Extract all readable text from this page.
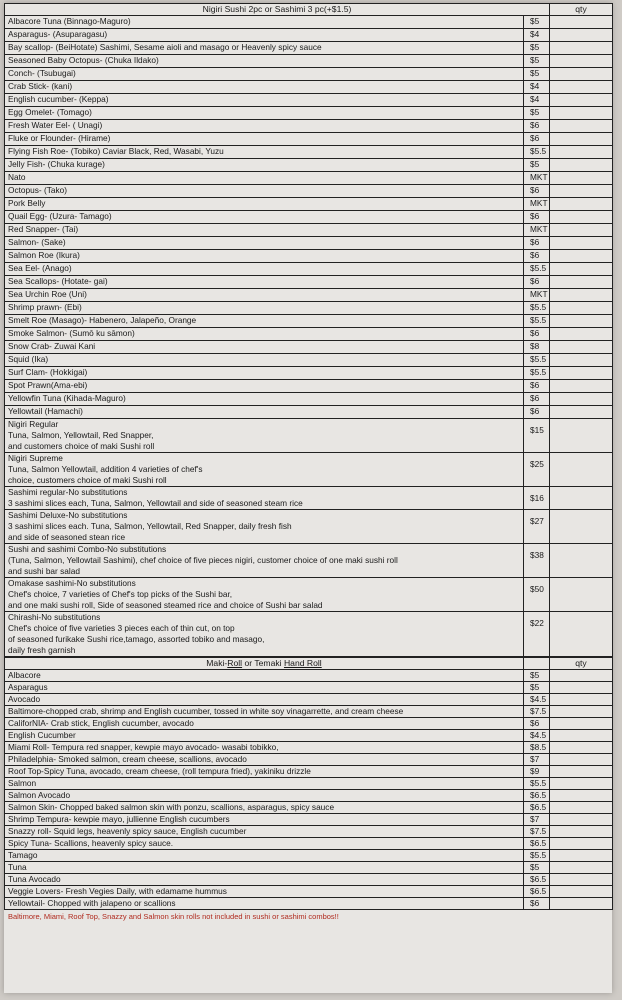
Nigiri Sushi 2pc or Sashimi 3 pc(+$1.5)		qty
Albacore Tuna (Binnago-Maguro)	$5	
Asparagus- (Asuparagasu)	$4	
Bay scallop- (BeiHotate) Sashimi, Sesame aioli and masago or Heavenly spicy sauce	$5	
Seasoned Baby Octopus- (Chuka Ildako)	$5	
Conch- (Tsubugai)	$5	
Crab Stick- (kani)	$4	
English cucumber- (Keppa)	$4	
Egg Omelet- (Tomago)	$5	
Fresh Water Eel- ( Unagi)	$6	
Fluke or Flounder- (Hirame)	$6	
Flying Fish Roe- (Tobiko) Caviar Black, Red, Wasabi, Yuzu	$5.5	
Jelly Fish- (Chuka kurage)	$5	
Nato	MKT	
Octopus- (Tako)	$6	
Pork Belly	MKT	
Quail Egg- (Uzura- Tamago)	$6	
Red Snapper- (Tai)	MKT	
Salmon- (Sake)	$6	
Salmon Roe (Ikura)	$6	
Sea Eel- (Anago)	$5.5	
Sea Scallops- (Hotate- gai)	$6	
Sea Urchin Roe (Uni)	MKT	
Shrimp prawn- (Ebi)	$5.5	
Smelt Roe (Masago)- Habenero, Jalapeño, Orange	$5.5	
Smoke Salmon- (Sumō ku sāmon)	$6	
Snow Crab- Zuwai Kani	$8	
Squid (Ika)	$5.5	
Surf Clam- (Hokkigai)	$5.5	
Spot Prawn(Ama-ebi)	$6	
Yellowfin Tuna (Kihada-Maguro)	$6	
Yellowtail (Hamachi)	$6	

Nigiri Regular
Tuna, Salmon, Yellowtail, Red Snapper,
and customers choice of maki Sushi roll	$15	

Nigiri Supreme
Tuna, Salmon Yellowtail, addition 4 varieties of chef's
choice, customers choice of maki Sushi roll	$25	

Sashimi regular-No substitutions
3 sashimi slices each, Tuna, Salmon, Yellowtail and side of seasoned steam rice	$16	

Sashimi Deluxe-No substitutions
3 sashimi slices each. Tuna, Salmon, Yellowtail, Red Snapper, daily fresh fish
and side of seasoned stean rice	$27	

Sushi and sashimi Combo-No substitutions
(Tuna, Salmon, Yellowtail Sashimi), chef choice of five pieces nigiri, customer choice of one maki sushi roll
and sushi bar salad	$38	

Omakase sashimi-No substitutions
Chef's choice, 7 varieties of Chef's top picks of the Sushi bar,
and one maki sushi roll, Side of seasoned steamed rice and choice of Sushi bar salad	$50	

Chirashi-No substitutions
Chef's choice of five varieties 3 pieces each of thin cut, on top
of seasoned furikake Sushi rice,tamago, assorted tobiko and masago,
daily fresh garnish	$22	
Maki-Roll or Temaki Hand Roll		qty
Albacore	$5	
Asparagus	$5	
Avocado	$4.5	
Baltimore-chopped crab, shrimp and English cucumber, tossed in white soy vinagarrette, and cream cheese	$7.5	
CaliforNIA- Crab stick, English cucumber, avocado	$6	
English Cucumber	$4.5	
Miami Roll- Tempura red snapper, kewpie mayo avocado- wasabi tobikko,	$8.5	
Philadelphia- Smoked salmon, cream cheese, scallions, avocado	$7	
Roof Top-Spicy Tuna, avocado, cream cheese, (roll tempura fried), yakiniku drizzle	$9	
Salmon	$5.5	
Salmon Avocado	$6.5	
Salmon Skin- Chopped baked salmon skin with ponzu, scallions, asparagus, spicy sauce	$6.5	
Shrimp Tempura- kewpie mayo, jullienne English cucumbers	$7	
Snazzy roll- Squid legs, heavenly spicy sauce, English cucumber	$7.5	
Spicy Tuna- Scallions, heavenly spicy sauce.	$6.5	
Tamago	$5.5	
Tuna	$5	
Tuna Avocado	$6.5	
Veggie Lovers- Fresh Vegies Daily, with edamame hummus	$6.5	
Yellowtail- Chopped with jalapeno or scallions	$6	
Baltimore, Miami, Roof Top, Snazzy and Salmon skin rolls not included in sushi or sashimi combos!!
